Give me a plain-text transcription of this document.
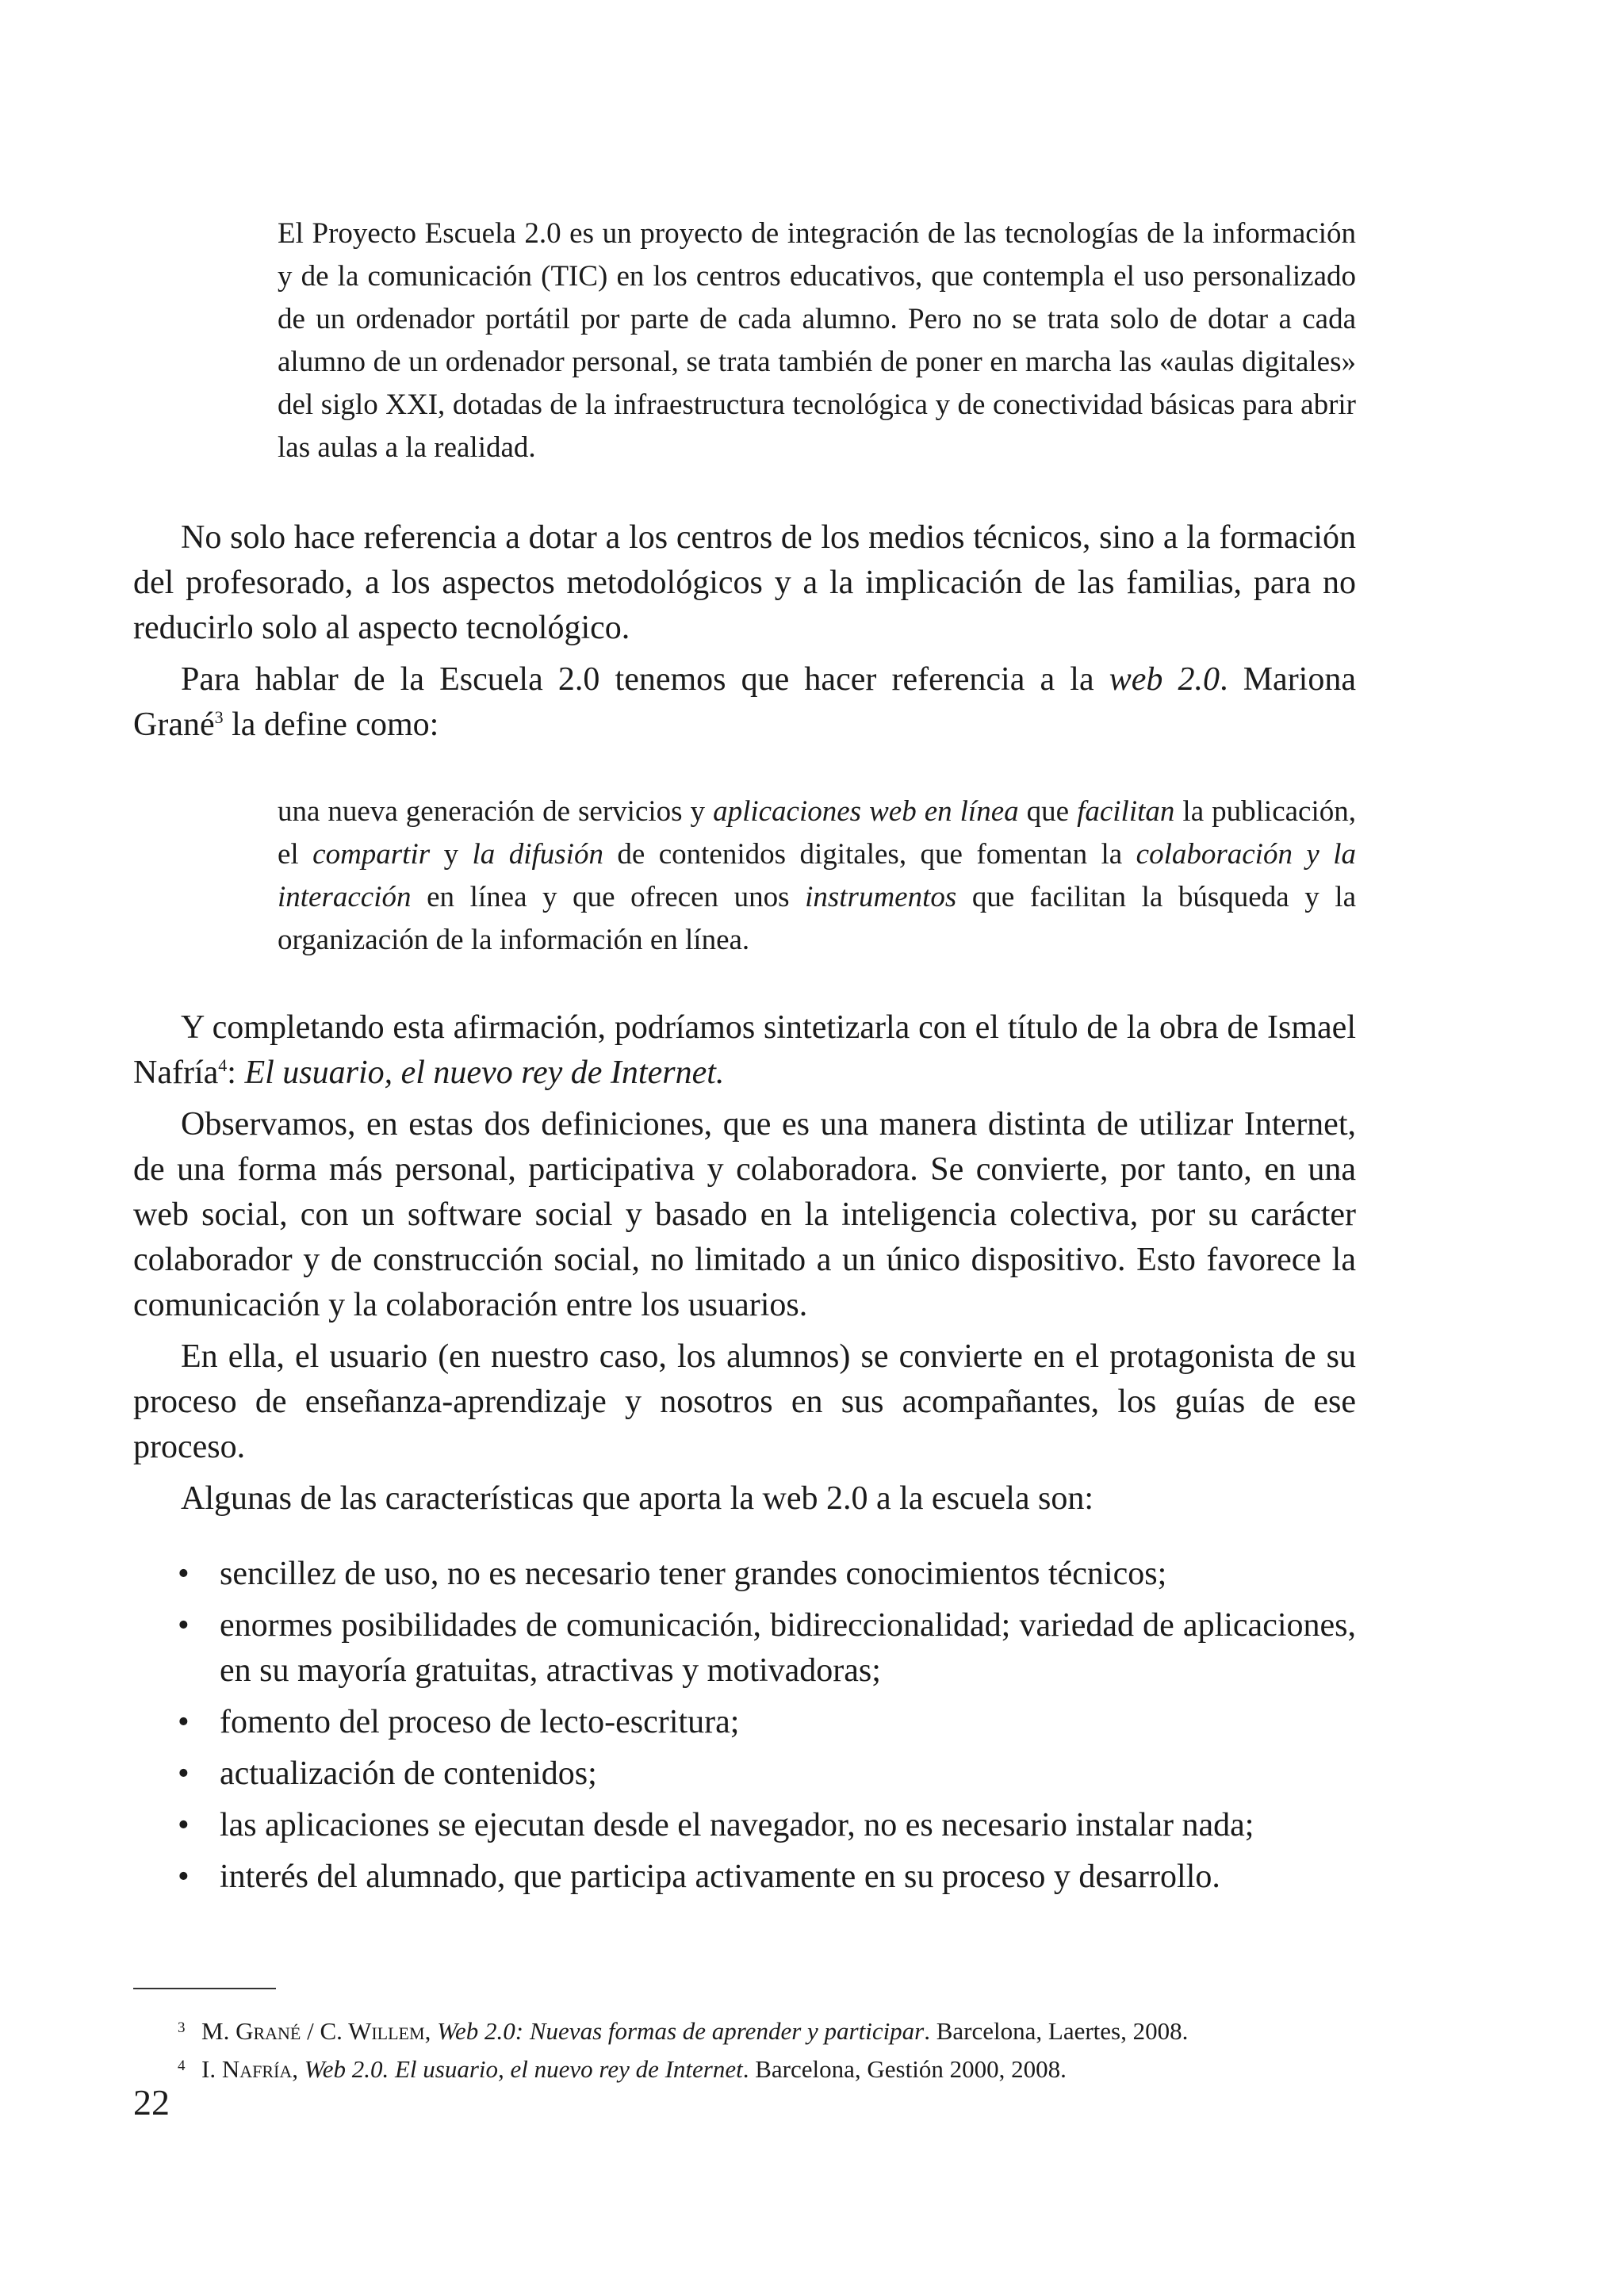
El Proyecto Escuela 2.0 es un proyecto de integración de las tecnologías de la información y de la comunicación (TIC) en los centros educativos, que contempla el uso personalizado de un ordenador portátil por parte de cada alumno. Pero no se trata solo de dotar a cada alumno de un ordenador personal, se trata también de poner en marcha las «aulas digitales» del siglo XXI, dotadas de la infraestructura tecnológica y de conectividad básicas para abrir las aulas a la realidad.

No solo hace referencia a dotar a los centros de los medios técnicos, sino a la formación del profesorado, a los aspectos metodológicos y a la implicación de las familias, para no reducirlo solo al aspecto tecnológico.

Para hablar de la Escuela 2.0 tenemos que hacer referencia a la web 2.0. Mariona Grané$^3$ la define como:

una nueva generación de servicios y aplicaciones web en línea que facilitan la publicación, el compartir y la difusión de contenidos digitales, que fomentan la colaboración y la interacción en línea y que ofrecen unos instrumentos que facilitan la búsqueda y la organización de la información en línea.

Y completando esta afirmación, podríamos sintetizarla con el título de la obra de Ismael Nafría$^4$: El usuario, el nuevo rey de Internet.

Observamos, en estas dos definiciones, que es una manera distinta de utilizar Internet, de una forma más personal, participativa y colaboradora. Se convierte, por tanto, en una web social, con un software social y basado en la inteligencia colectiva, por su carácter colaborador y de construcción social, no limitado a un único dispositivo. Esto favorece la comunicación y la colaboración entre los usuarios.

En ella, el usuario (en nuestro caso, los alumnos) se convierte en el protagonista de su proceso de enseñanza-aprendizaje y nosotros en sus acompañantes, los guías de ese proceso.

Algunas de las características que aporta la web 2.0 a la escuela son:

• sencillez de uso, no es necesario tener grandes conocimientos técnicos;
• enormes posibilidades de comunicación, bidireccionalidad; variedad de aplicaciones, en su mayoría gratuitas, atractivas y motivadoras;
• fomento del proceso de lecto-escritura;
• actualización de contenidos;
• las aplicaciones se ejecutan desde el navegador, no es necesario instalar nada;
• interés del alumnado, que participa activamente en su proceso y desarrollo.

3 M. Grané / C. Willem, Web 2.0: Nuevas formas de aprender y participar. Barcelona, Laertes, 2008.

4 I. Nafría, Web 2.0. El usuario, el nuevo rey de Internet. Barcelona, Gestión 2000, 2008.

22
